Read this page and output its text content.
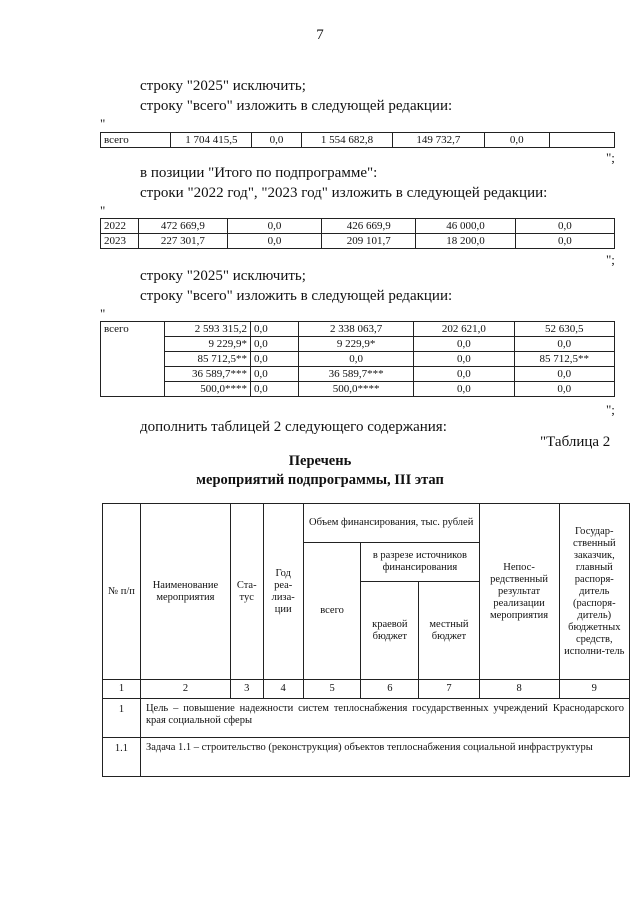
7
строку "2025" исключить;
строку "всего" изложить в следующей редакции:
"
всего	1 704 415,5	0,0	1 554 682,8	149 732,7	0,0	
";
в позиции "Итого по подпрограмме":
строки "2022 год", "2023 год" изложить в следующей редакции:
"
2022	472 669,9	0,0	426 669,9	46 000,0	0,0
2023	227 301,7	0,0	209 101,7	18 200,0	0,0
";
строку "2025" исключить;
строку "всего" изложить в следующей редакции:
"
всего	2 593 315,2	0,0	2 338 063,7	202 621,0	52 630,5
	9 229,9*	0,0	9 229,9*	0,0	0,0
	85 712,5**	0,0	0,0	0,0	85 712,5**
	36 589,7***	0,0	36 589,7***	0,0	0,0
	500,0****	0,0	500,0****	0,0	0,0
";
дополнить таблицей 2 следующего содержания:
"Таблица 2
Перечень
мероприятий подпрограммы, III этап
№ п/п	Наименование мероприятия	Ста-тус	Год реа-лиза-ции	Объем финансирования, тыс. рублей			Непос-редственный результат реализации мероприятия	Государ-ственный заказчик, главный распоря-дитель (распоря-дитель) бюджетных средств, исполни-тель
				всего	в разрезе источников финансирования			
					краевой бюджет	местный бюджет		
1	2	3	4	5	6	7	8	9
1	Цель – повышение надежности систем теплоснабжения государственных учреждений Краснодарского края социальной сферы							
1.1	Задача 1.1 – строительство (реконструкция) объектов теплоснабжения социальной инфраструктуры							
